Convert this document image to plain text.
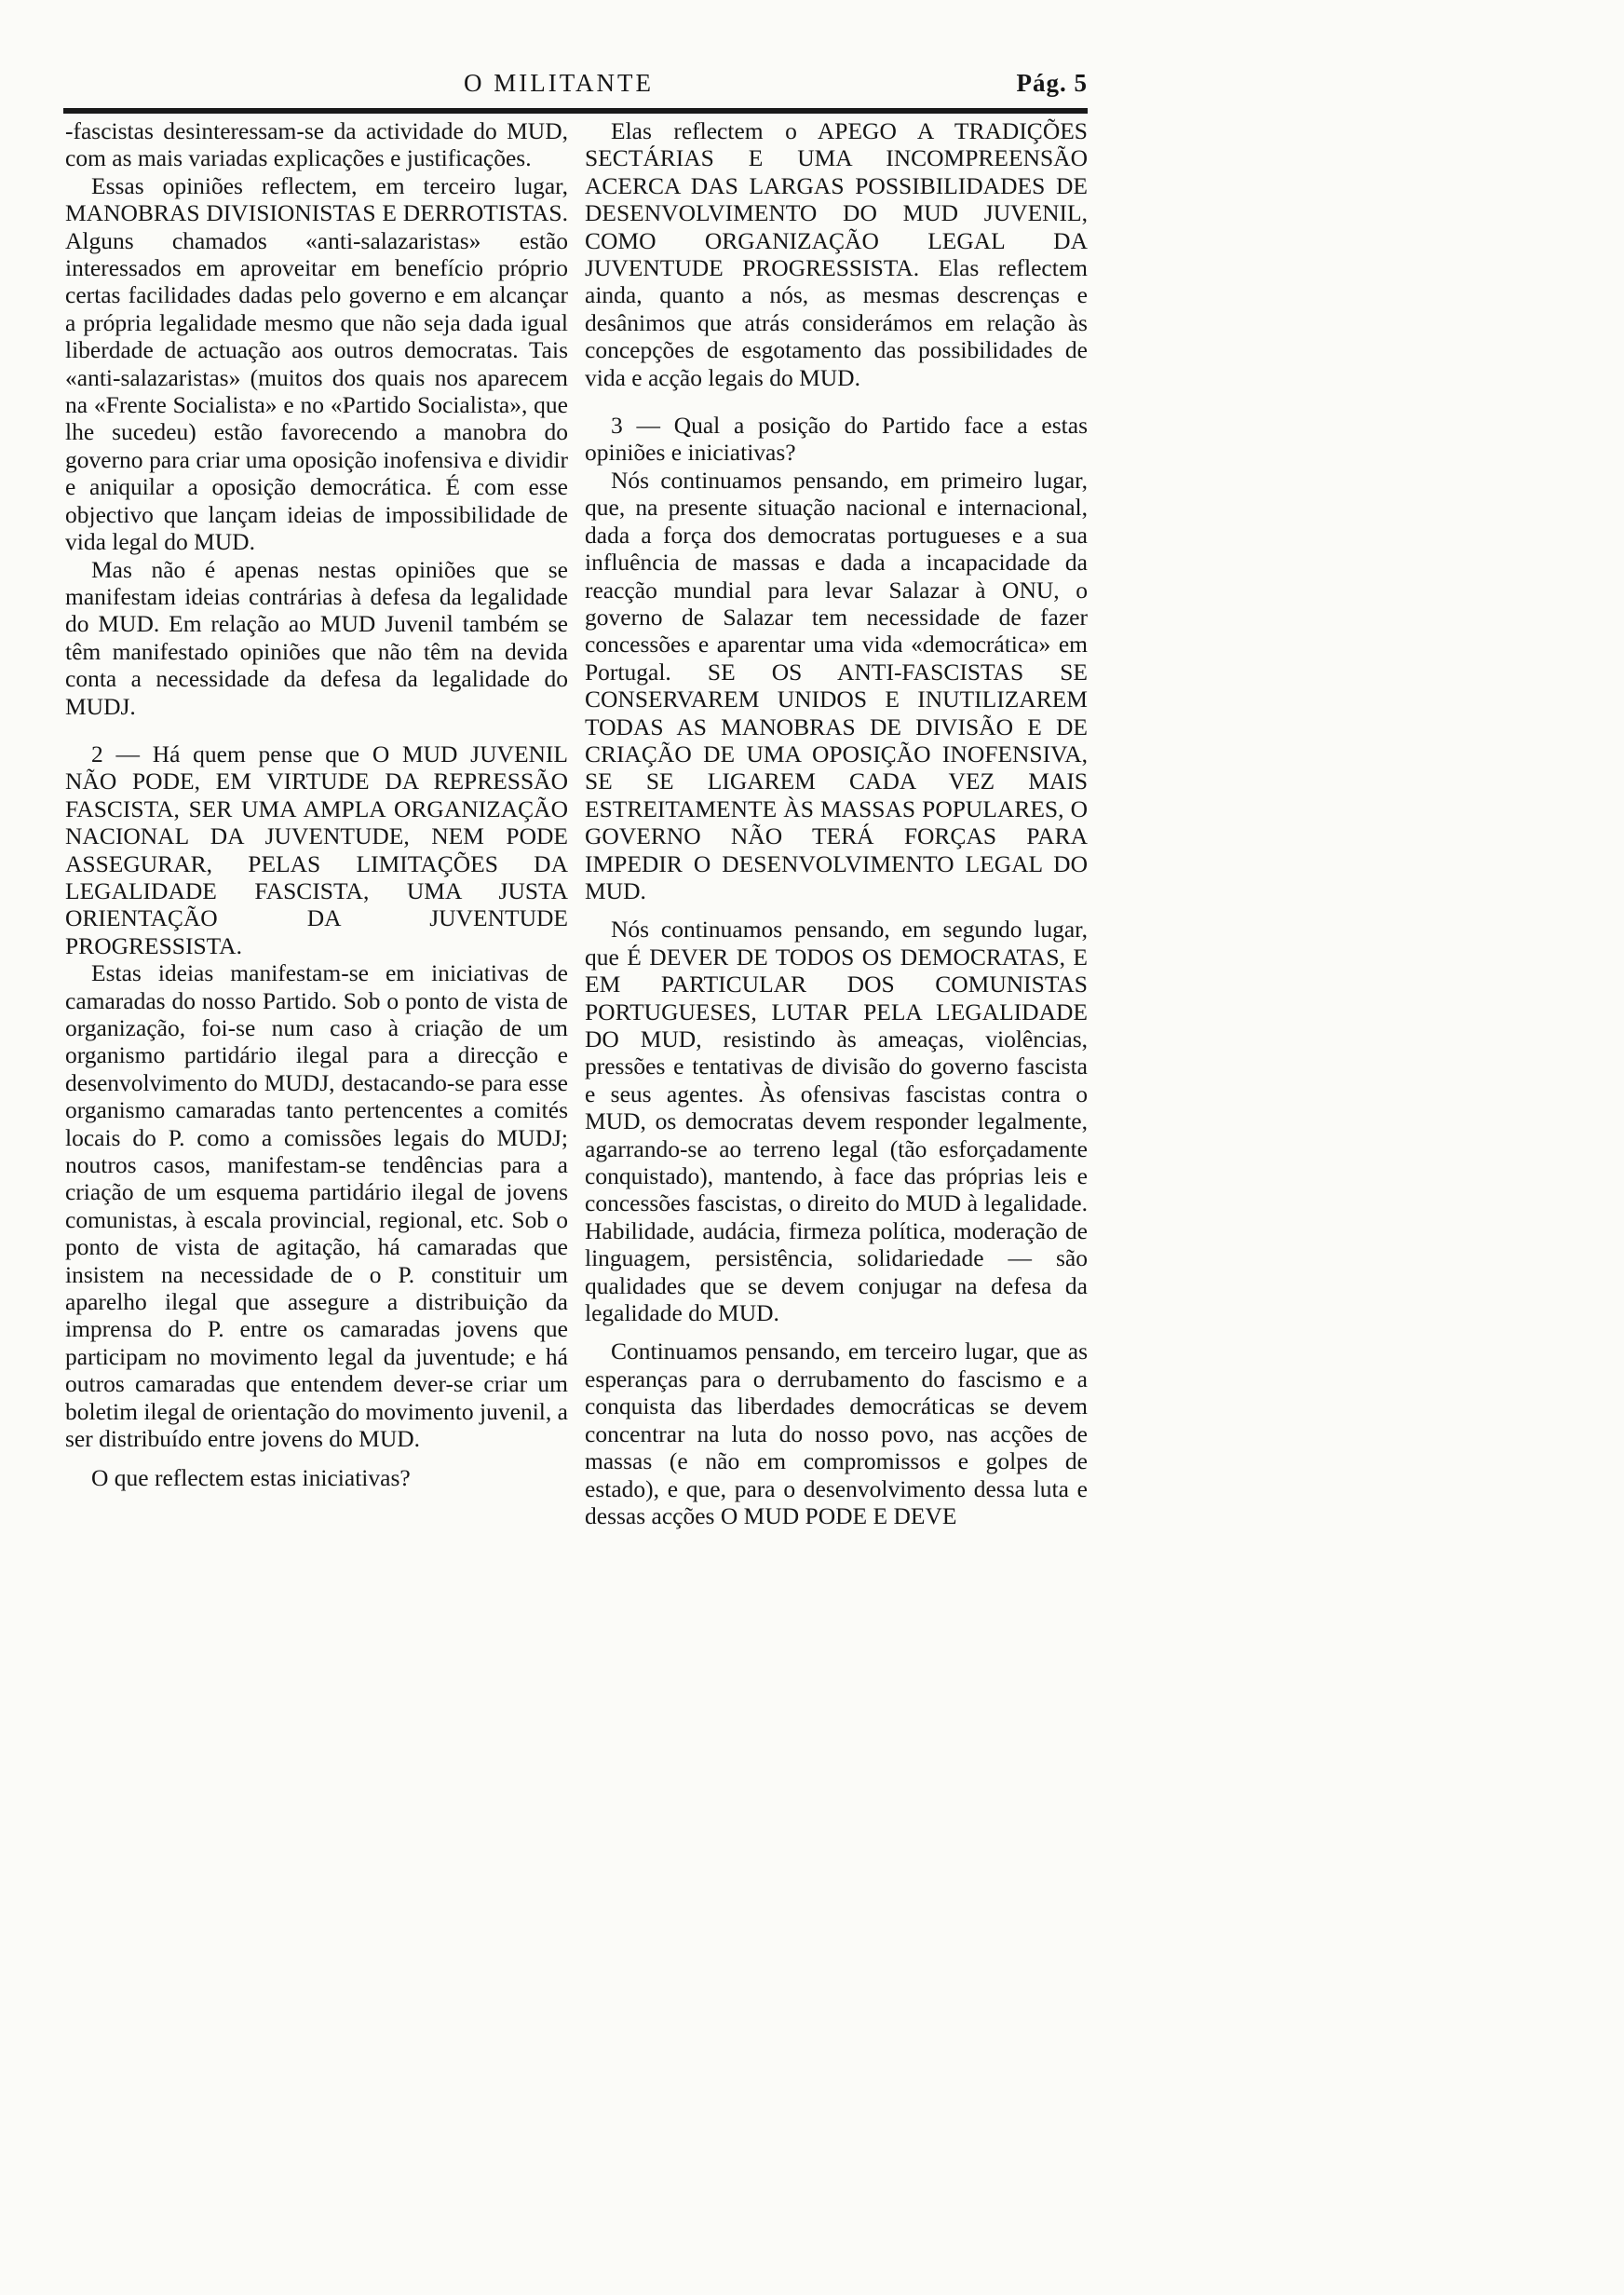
O MILITANTE	Pág. 5

-fascistas desinteressam-se da actividade do MUD, com as mais variadas explicações e justificações.

Essas opiniões reflectem, em terceiro lugar, MANOBRAS DIVISIONISTAS E DERROTISTAS. Alguns chamados «anti-salazaristas» estão interessados em aproveitar em benefício próprio certas facilidades dadas pelo governo e em alcançar a própria legalidade mesmo que não seja dada igual liberdade de actuação aos outros democratas. Tais «anti-salazaristas» (muitos dos quais nos aparecem na «Frente Socialista» e no «Partido Socialista», que lhe sucedeu) estão favorecendo a manobra do governo para criar uma oposição inofensiva e dividir e aniquilar a oposição democrática. É com esse objectivo que lançam ideias de impossibilidade de vida legal do MUD.

Mas não é apenas nestas opiniões que se manifestam ideias contrárias à defesa da legalidade do MUD. Em relação ao MUD Juvenil também se têm manifestado opiniões que não têm na devida conta a necessidade da defesa da legalidade do MUDJ.

2 — Há quem pense que O MUD JUVENIL NÃO PODE, EM VIRTUDE DA REPRESSÃO FASCISTA, SER UMA AMPLA ORGANIZAÇÃO NACIONAL DA JUVENTUDE, NEM PODE ASSEGURAR, PELAS LIMITAÇÕES DA LEGALIDADE FASCISTA, UMA JUSTA ORIENTAÇÃO DA JUVENTUDE PROGRESSISTA.

Estas ideias manifestam-se em iniciativas de camaradas do nosso Partido. Sob o ponto de vista de organização, foi-se num caso à criação de um organismo partidário ilegal para a direcção e desenvolvimento do MUDJ, destacando-se para esse organismo camaradas tanto pertencentes a comités locais do P. como a comissões legais do MUDJ; noutros casos, manifestam-se tendências para a criação de um esquema partidário ilegal de jovens comunistas, à escala provincial, regional, etc. Sob o ponto de vista de agitação, há camaradas que insistem na necessidade de o P. constituir um aparelho ilegal que assegure a distribuição da imprensa do P. entre os camaradas jovens que participam no movimento legal da juventude; e há outros camaradas que entendem dever-se criar um boletim ilegal de orientação do movimento juvenil, a ser distribuído entre jovens do MUD.

O que reflectem estas iniciativas?

Elas reflectem o APEGO A TRADIÇÕES SECTÁRIAS E UMA INCOMPREENSÃO ACERCA DAS LARGAS POSSIBILIDADES DE DESENVOLVIMENTO DO MUD JUVENIL, COMO ORGANIZAÇÃO LEGAL DA JUVENTUDE PROGRESSISTA. Elas reflectem ainda, quanto a nós, as mesmas descrenças e desânimos que atrás considerámos em relação às concepções de esgotamento das possibilidades de vida e acção legais do MUD.

3 — Qual a posição do Partido face a estas opiniões e iniciativas?

Nós continuamos pensando, em primeiro lugar, que, na presente situação nacional e internacional, dada a força dos democratas portugueses e a sua influência de massas e dada a incapacidade da reacção mundial para levar Salazar à ONU, o governo de Salazar tem necessidade de fazer concessões e aparentar uma vida «democrática» em Portugal. SE OS ANTI-FASCISTAS SE CONSERVAREM UNIDOS E INUTILIZAREM TODAS AS MANOBRAS DE DIVISÃO E DE CRIAÇÃO DE UMA OPOSIÇÃO INOFENSIVA, SE SE LIGAREM CADA VEZ MAIS ESTREITAMENTE ÀS MASSAS POPULARES, O GOVERNO NÃO TERÁ FORÇAS PARA IMPEDIR O DESENVOLVIMENTO LEGAL DO MUD.

Nós continuamos pensando, em segundo lugar, que É DEVER DE TODOS OS DEMOCRATAS, E EM PARTICULAR DOS COMUNISTAS PORTUGUESES, LUTAR PELA LEGALIDADE DO MUD, resistindo às ameaças, violências, pressões e tentativas de divisão do governo fascista e seus agentes. Às ofensivas fascistas contra o MUD, os democratas devem responder legalmente, agarrando-se ao terreno legal (tão esforçadamente conquistado), mantendo, à face das próprias leis e concessões fascistas, o direito do MUD à legalidade. Habilidade, audácia, firmeza política, moderação de linguagem, persistência, solidariedade — são qualidades que se devem conjugar na defesa da legalidade do MUD.

Continuamos pensando, em terceiro lugar, que as esperanças para o derrubamento do fascismo e a conquista das liberdades democráticas se devem concentrar na luta do nosso povo, nas acções de massas (e não em compromissos e golpes de estado), e que, para o desenvolvimento dessa luta e dessas acções O MUD PODE E DEVE
